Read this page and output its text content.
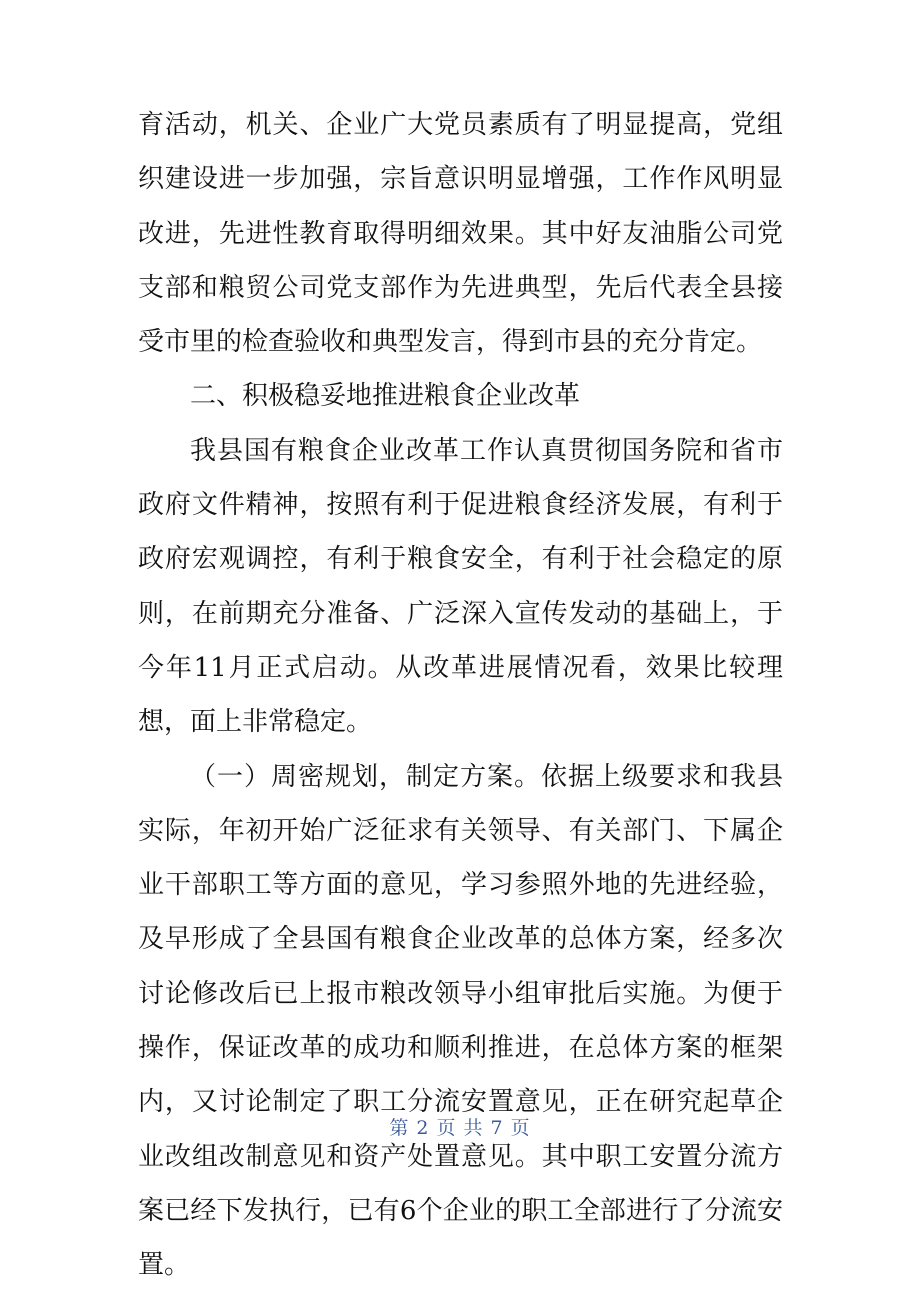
育活动，机关、企业广大党员素质有了明显提高，党组织建设进一步加强，宗旨意识明显增强，工作作风明显改进，先进性教育取得明细效果。其中好友油脂公司党支部和粮贸公司党支部作为先进典型，先后代表全县接受市里的检查验收和典型发言，得到市县的充分肯定。

二、积极稳妥地推进粮食企业改革

我县国有粮食企业改革工作认真贯彻国务院和省市政府文件精神，按照有利于促进粮食经济发展，有利于政府宏观调控，有利于粮食安全，有利于社会稳定的原则，在前期充分准备、广泛深入宣传发动的基础上，于今年11月正式启动。从改革进展情况看，效果比较理想，面上非常稳定。

（一）周密规划，制定方案。依据上级要求和我县实际，年初开始广泛征求有关领导、有关部门、下属企业干部职工等方面的意见，学习参照外地的先进经验，及早形成了全县国有粮食企业改革的总体方案，经多次讨论修改后已上报市粮改领导小组审批后实施。为便于操作，保证改革的成功和顺利推进，在总体方案的框架内，又讨论制定了职工分流安置意见，正在研究起草企业改组改制意见和资产处置意见。其中职工安置分流方案已经下发执行，已有6个企业的职工全部进行了分流安置。

第 2 页 共 7 页
